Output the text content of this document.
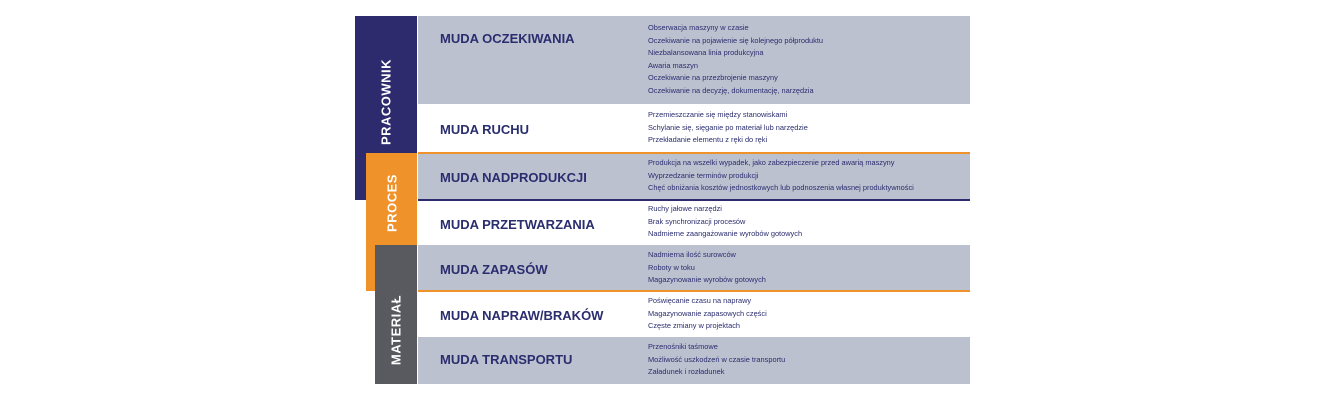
PRACOWNIK
PROCES
MATERIAŁ
MUDA OCZEKIWANIA
Obserwacja maszyny w czasie
Oczekiwanie na pojawienie się kolejnego półproduktu
Niezbalansowana linia produkcyjna
Awaria maszyn
Oczekiwanie na przezbrojenie maszyny
Oczekiwanie na decyzję, dokumentację, narzędzia
MUDA RUCHU
Przemieszczanie się między stanowiskami
Schylanie się, sięganie po materiał lub narzędzie
Przekładanie elementu z ręki do ręki
MUDA NADPRODUKCJI
Produkcja na wszelki wypadek, jako zabezpieczenie przed awarią maszyny
Wyprzedzanie terminów produkcji
Chęć obniżania kosztów jednostkowych lub podnoszenia własnej produktywności
MUDA PRZETWARZANIA
Ruchy jałowe narzędzi
Brak synchronizacji procesów
Nadmierne zaangażowanie wyrobów gotowych
MUDA ZAPASÓW
Nadmierna ilość surowców
Roboty w toku
Magazynowanie wyrobów gotowych
MUDA NAPRAW/BRAKÓW
Poświęcanie czasu na naprawy
Magazynowanie zapasowych części
Częste zmiany w projektach
MUDA TRANSPORTU
Przenośniki taśmowe
Możliwość uszkodzeń w czasie transportu
Załadunek i rozładunek
